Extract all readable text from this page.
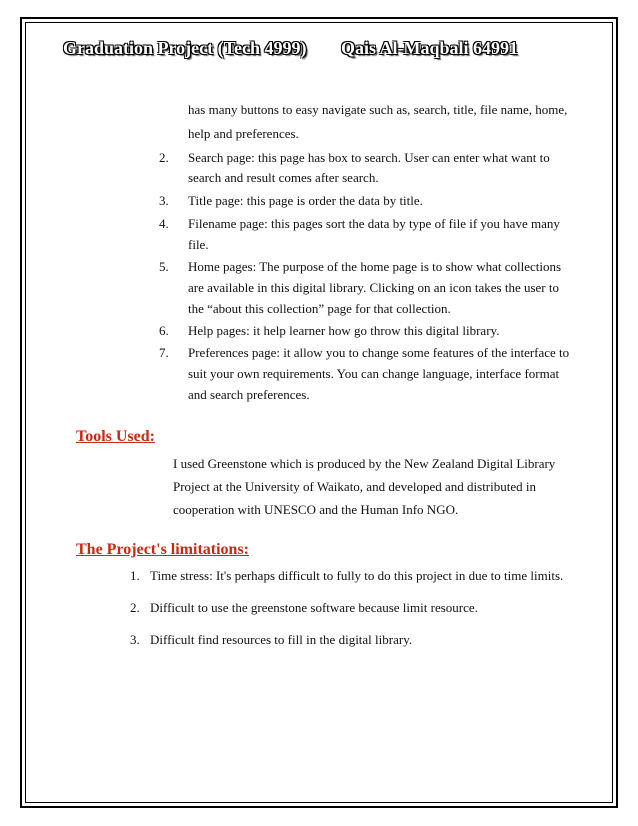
Graduation Project (Tech 4999) Qais Al-Maqbali 64991
has many buttons to easy navigate such as, search, title, file name, home,
help and preferences.
2. Search page: this page has box to search. User can enter what want to
search and result comes after search.
3. Title page: this page is order the data by title.
4. Filename page: this pages sort the data by type of file if you have many
file.
5. Home pages: The purpose of the home page is to show what collections
are available in this digital library. Clicking on an icon takes the user to
the “about this collection” page for that collection.
6. Help pages: it help learner how go throw this digital library.
7. Preferences page: it allow you to change some features of the interface to
suit your own requirements. You can change language, interface format
and search preferences.
Tools Used:
I used Greenstone which is produced by the New Zealand Digital Library
Project at the University of Waikato, and developed and distributed in
cooperation with UNESCO and the Human Info NGO.
The Project's limitations:
1. Time stress: It's perhaps difficult to fully to do this project in due to time limits.
2. Difficult to use the greenstone software because limit resource.
3. Difficult find resources to fill in the digital library.
